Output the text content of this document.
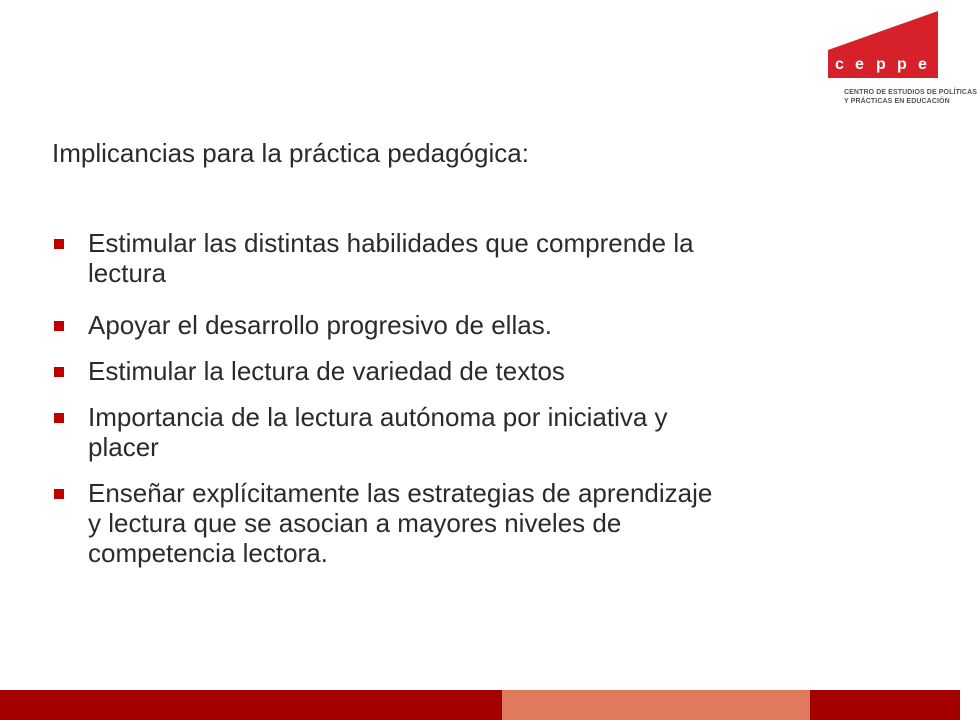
c e p p e
CENTRO DE ESTUDIOS DE POLÍTICAS
Y PRÁCTICAS EN EDUCACIÓN
Implicancias para la práctica pedagógica:
Estimular las distintas habilidades que comprende la
lectura
Apoyar el desarrollo progresivo de ellas.
Estimular la lectura de variedad de textos
Importancia de la lectura autónoma por iniciativa y
placer
Enseñar explícitamente las estrategias de aprendizaje
y lectura que se asocian a mayores niveles de
competencia lectora.
